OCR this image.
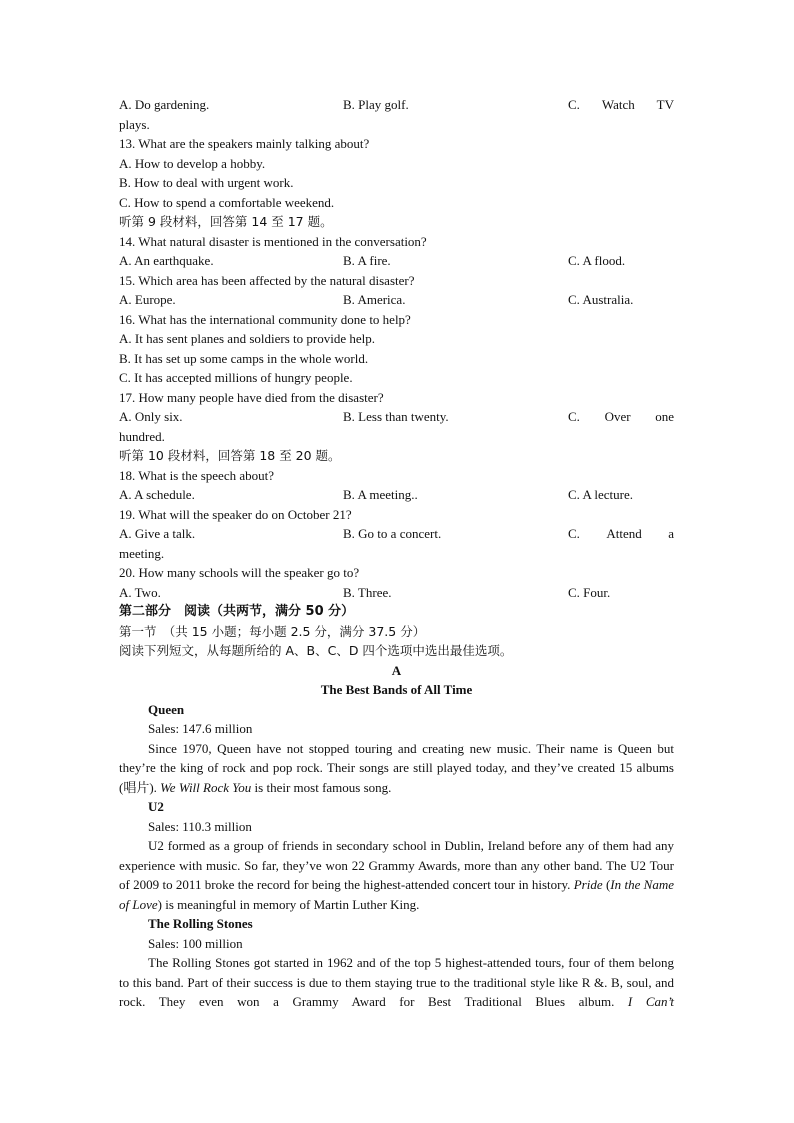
A. Do gardening.	B. Play golf.	C. Watch TV
plays.
13. What are the speakers mainly talking about?
A. How to develop a hobby.
B. How to deal with urgent work.
C. How to spend a comfortable weekend.
听第 9 段材料，回答第 14 至 17 题。
14. What natural disaster is mentioned in the conversation?
A. An earthquake.	B. A fire.	C. A flood.
15. Which area has been affected by the natural disaster?
A. Europe.	B. America.	C. Australia.
16. What has the international community done to help?
A. It has sent planes and soldiers to provide help.
B. It has set up some camps in the whole world.
C. It has accepted millions of hungry people.
17. How many people have died from the disaster?
A. Only six.	B. Less than twenty.	C. Over one
hundred.
听第 10 段材料，回答第 18 至 20 题。
18. What is the speech about?
A. A schedule.	B. A meeting..	C. A lecture.
19. What will the speaker do on October 21?
A. Give a talk.	B. Go to a concert.	C. Attend a
meeting.
20. How many schools will the speaker go to?
A. Two.	B. Three.	C. Four.
第二部分　阅读（共两节，满分 50 分）
第一节　（共 15 小题；每小题 2.5 分，满分 37.5 分）
阅读下列短文，从每题所给的 A、B、C、D 四个选项中选出最佳选项。
A
The Best Bands of All Time
Queen
Sales: 147.6 million

Since 1970, Queen have not stopped touring and creating new music. Their name is Queen but they’re the king of rock and pop rock. Their songs are still played today, and they’ve created 15 albums (唱片). We Will Rock You is their most famous song.

U2
Sales: 110.3 million

U2 formed as a group of friends in secondary school in Dublin, Ireland before any of them had any experience with music. So far, they’ve won 22 Grammy Awards, more than any other band. The U2 Tour of 2009 to 2011 broke the record for being the highest-attended concert tour in history. Pride (In the Name of Love) is meaningful in memory of Martin Luther King.

The Rolling Stones
Sales: 100 million

The Rolling Stones got started in 1962 and of the top 5 highest-attended tours, four of them belong to this band. Part of their success is due to them staying true to the traditional style like R &. B, soul, and rock. They even won a Grammy Award for Best Traditional Blues album. I Can’t
